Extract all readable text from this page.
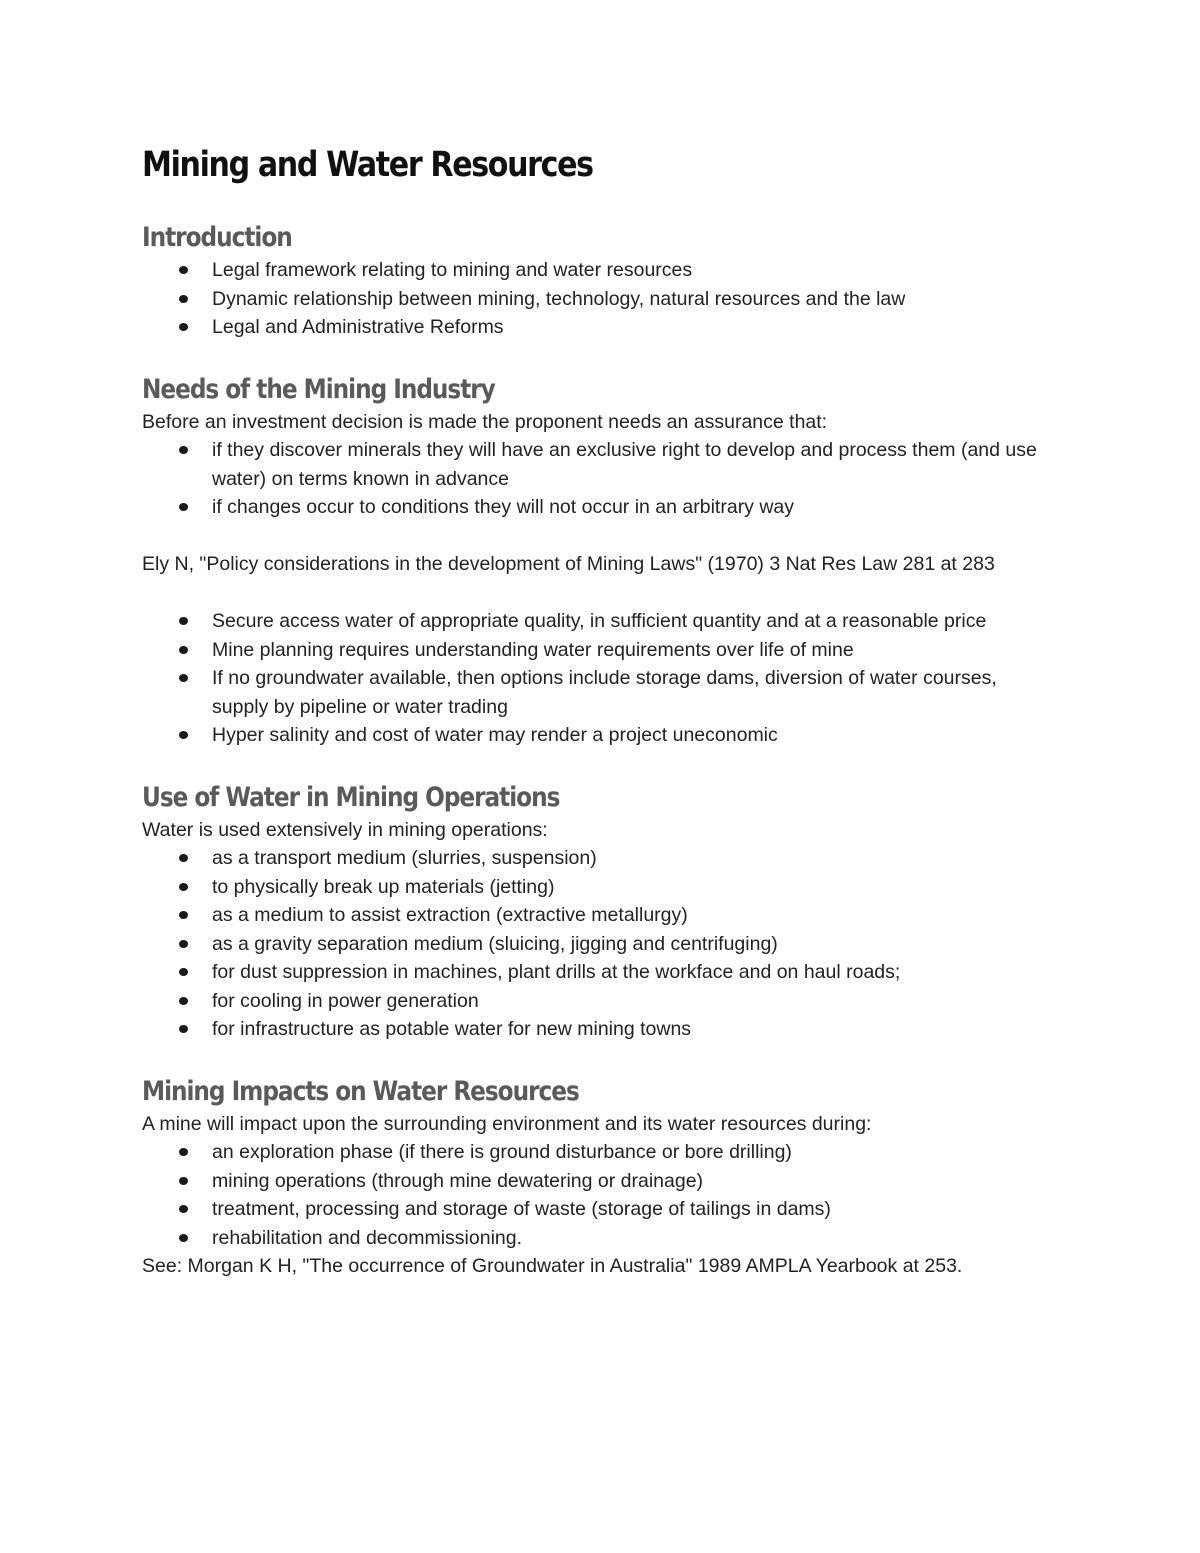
Mining and Water Resources
Introduction
Legal framework relating to mining and water resources
Dynamic relationship between mining, technology, natural resources and the law
Legal and Administrative Reforms
Needs of the Mining Industry

Before an investment decision is made the proponent needs an assurance that:

if they discover minerals they will have an exclusive right to develop and process them (and use water) on terms known in advance
if changes occur to conditions they will not occur in an arbitrary way

Ely N, "Policy considerations in the development of Mining Laws" (1970) 3 Nat Res Law 281 at 283

Secure access water of appropriate quality, in sufficient quantity and at a reasonable price
Mine planning requires understanding water requirements over life of mine
If no groundwater available, then options include storage dams, diversion of water courses, supply by pipeline or water trading
Hyper salinity and cost of water may render a project uneconomic
Use of Water in Mining Operations

Water is used extensively in mining operations:

as a transport medium (slurries, suspension)
to physically break up materials (jetting)
as a medium to assist extraction (extractive metallurgy)
as a gravity separation medium (sluicing, jigging and centrifuging)
for dust suppression in machines, plant drills at the workface and on haul roads;
for cooling in power generation
for infrastructure as potable water for new mining towns
Mining Impacts on Water Resources

A mine will impact upon the surrounding environment and its water resources during:

an exploration phase (if there is ground disturbance or bore drilling)
mining operations (through mine dewatering or drainage)
treatment, processing and storage of waste (storage of tailings in dams)
rehabilitation and decommissioning.

See: Morgan K H, "The occurrence of Groundwater in Australia" 1989 AMPLA Yearbook at 253.
